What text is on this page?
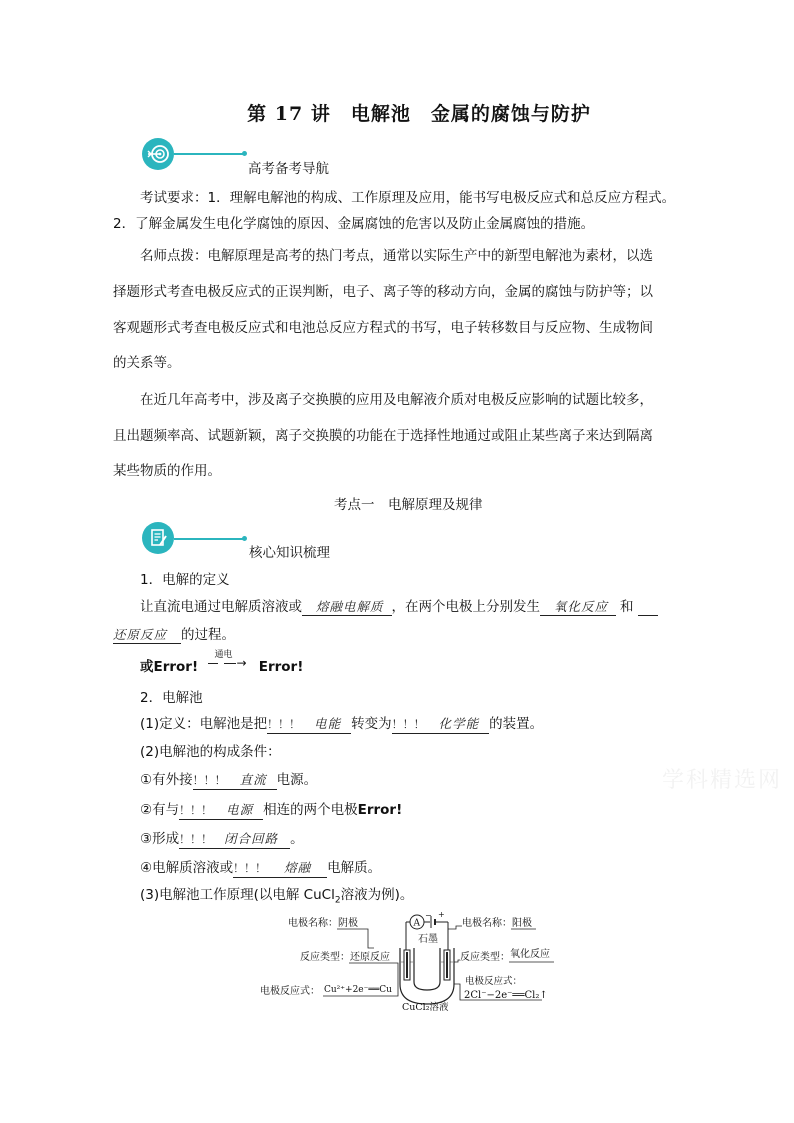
第 17 讲　电解池　金属的腐蚀与防护
高考备考导航
考试要求：1．理解电解池的构成、工作原理及应用，能书写电极反应式和总反应方程式。
2．了解金属发生电化学腐蚀的原因、金属腐蚀的危害以及防止金属腐蚀的措施。
名师点拨：电解原理是高考的热门考点，通常以实际生产中的新型电解池为素材，以选
择题形式考查电极反应式的正误判断，电子、离子等的移动方向，金属的腐蚀与防护等；以
客观题形式考查电极反应式和电池总反应方程式的书写，电子转移数目与反应物、生成物间
的关系等。
在近几年高考中，涉及离子交换膜的应用及电解液介质对电极反应影响的试题比较多，
且出题频率高、试题新颖，离子交换膜的功能在于选择性地通过或阻止某些离子来达到隔离
某些物质的作用。
考点一　电解原理及规律
核心知识梳理
1．电解的定义
让直流电通过电解质溶液或 熔融电解质 ，在两个电极上分别发生 氧化反应 和
还原反应 的过程。
或Error!
通电
→ Error!
2．电解池
(1)定义：电解池是把！！！ 电能 转变为！！！ 化学能 的装置。
(2)电解池的构成条件：
①有外接！！！ 直流 电源。
②有与！！！ 电源 相连的两个电极Error!
③形成！！！ 闭合回路 。
④电解质溶液或！！！ 熔融 电解质。
(3)电解池工作原理(以电解 CuCl$_2$溶液为例)。
学科精选网
电极名称： 阴极
反应类型： 还原反应
电极反应式： Cu²⁺+2e⁻══Cu
A
− +
石墨
CuCl₂溶液
电极名称： 阳极
反应类型： 氧化反应
电极反应式：
2Cl⁻−2e⁻══Cl₂↑
